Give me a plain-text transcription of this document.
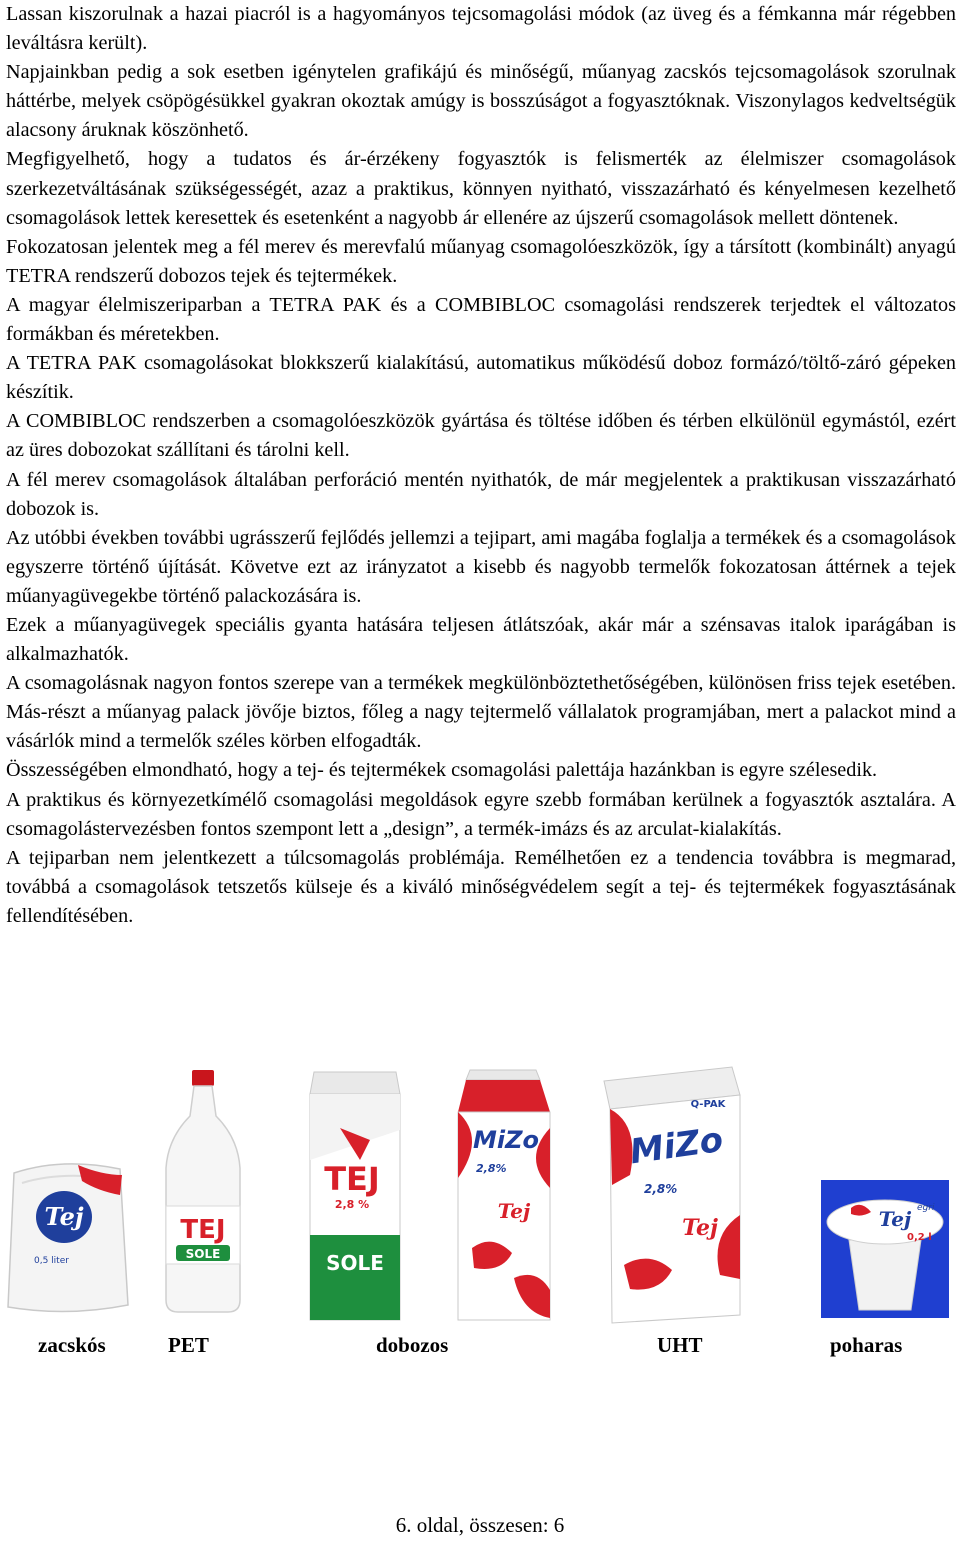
Lassan kiszorulnak a hazai piacról is a hagyományos tejcsomagolási módok (az üveg és a fémkanna már régebben leváltásra került).

Napjainkban pedig a sok esetben igénytelen grafikájú és minőségű, műanyag zacskós tejcsomagolások szorulnak háttérbe, melyek csöpögésükkel gyakran okoztak amúgy is bosszúságot a fogyasztóknak. Viszonylagos kedveltségük alacsony áruknak köszönhető.

Megfigyelhető, hogy a tudatos és ár-érzékeny fogyasztók is felismerték az élelmiszer csomagolások szerkezetváltásának szükségességét, azaz a praktikus, könnyen nyitható, visszazárható és kényelmesen kezelhető csomagolások lettek keresettek és esetenként a nagyobb ár ellenére az újszerű csomagolások mellett döntenek.

Fokozatosan jelentek meg a fél merev és merevfalú műanyag csomagolóeszközök, így a társított (kombinált) anyagú TETRA rendszerű dobozos tejek és tejtermékek.

A magyar élelmiszeriparban a TETRA PAK és a COMBIBLOC csomagolási rendszerek terjedtek el változatos formákban és méretekben.

A TETRA PAK csomagolásokat blokkszerű kialakítású, automatikus működésű doboz formázó/töltő-záró gépeken készítik.

A COMBIBLOC rendszerben a csomagolóeszközök gyártása és töltése időben és térben elkülönül egymástól, ezért az üres dobozokat szállítani és tárolni kell.

A fél merev csomagolások általában perforáció mentén nyithatók, de már megjelentek a praktikusan visszazárható dobozok is.

Az utóbbi években további ugrásszerű fejlődés jellemzi a tejipart, ami magába foglalja a termékek és a csomagolások egyszerre történő újítását. Követve ezt az irányzatot a kisebb és nagyobb termelők fokozatosan áttérnek a tejek műanyagüvegekbe történő palackozására is.

Ezek a műanyagüvegek speciális gyanta hatására teljesen átlátszóak, akár már a szénsavas italok iparágában is alkalmazhatók.

A csomagolásnak nagyon fontos szerepe van a termékek megkülönböztethetőségében, különösen friss tejek esetében. Más-részt a műanyag palack jövője biztos, főleg a nagy tejtermelő vállalatok programjában, mert a palackot mind a vásárlók mind a termelők széles körben elfogadták.

Összességében elmondható, hogy a tej- és tejtermékek csomagolási palettája hazánkban is egyre szélesedik.

A praktikus és környezetkímélő csomagolási megoldások egyre szebb formában kerülnek a fogyasztók asztalára. A csomagolástervezésben fontos szempont lett a „design”, a termék-imázs és az arculat-kialakítás.

A tejiparban nem jelentkezett a túlcsomagolás problémája. Remélhetően ez a tendencia továbbra is megmarad, továbbá a csomagolások tetszetős külseje és a kiváló minőségvédelem segít a tej- és tejtermékek fogyasztásának fellendítésében.

Tej
0,5 liter
TEJ
SOLE
TEJ
2,8 %
SOLE
MiZo
2,8%
Tej
Q-PAK
MiZo
2,8%
Tej
egri
Tej
0,2 l
zacskós	PET	dobozos	UHT	poharas
6. oldal, összesen: 6
